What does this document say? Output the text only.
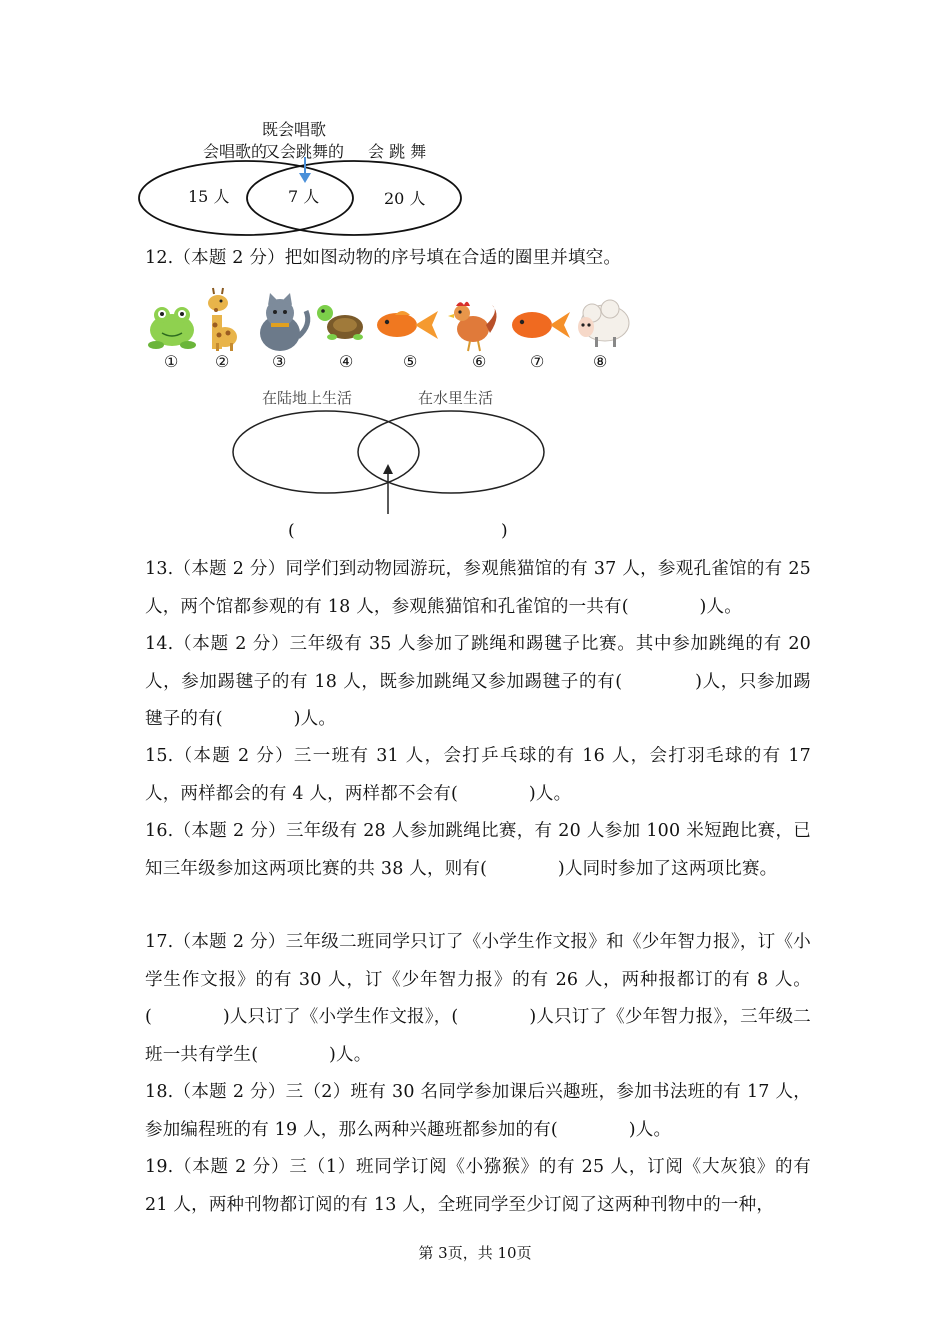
既会唱歌
会唱歌的
又会跳舞的 会 跳 舞
15 人	7 人	20 人
12.（本题 2 分）把如图动物的序号填在合适的圈里并填空。
① ②	③	④	⑤	⑥	⑦	⑧
在陆地上生活	在水里生活
(	)
13.（本题 2 分）同学们到动物园游玩，参观熊猫馆的有 37 人，参观孔雀馆的有 25 人，两个馆都参观的有 18 人，参观熊猫馆和孔雀馆的一共有(　　　　)人。
14.（本题 2 分）三年级有 35 人参加了跳绳和踢毽子比赛。其中参加跳绳的有 20 人，参加踢毽子的有 18 人，既参加跳绳又参加踢毽子的有(　　　　)人，只参加踢毽子的有(　　　　)人。
15.（本题 2 分）三一班有 31 人，会打乒乓球的有 16 人，会打羽毛球的有 17 人，两样都会的有 4 人，两样都不会有(　　　　)人。
16.（本题 2 分）三年级有 28 人参加跳绳比赛，有 20 人参加 100 米短跑比赛，已知三年级参加这两项比赛的共 38 人，则有(　　　　)人同时参加了这两项比赛。
17.（本题 2 分）三年级二班同学只订了《小学生作文报》和《少年智力报》，订《小学生作文报》的有 30 人，订《少年智力报》的有 26 人，两种报都订的有 8 人。(　　　　)人只订了《小学生作文报》，(　　　　)人只订了《少年智力报》，三年级二班一共有学生(　　　　)人。
18.（本题 2 分）三（2）班有 30 名同学参加课后兴趣班，参加书法班的有 17 人，参加编程班的有 19 人，那么两种兴趣班都参加的有(　　　　)人。
19.（本题 2 分）三（1）班同学订阅《小猕猴》的有 25 人，订阅《大灰狼》的有 21 人，两种刊物都订阅的有 13 人，全班同学至少订阅了这两种刊物中的一种，
第 3页，共 10页
